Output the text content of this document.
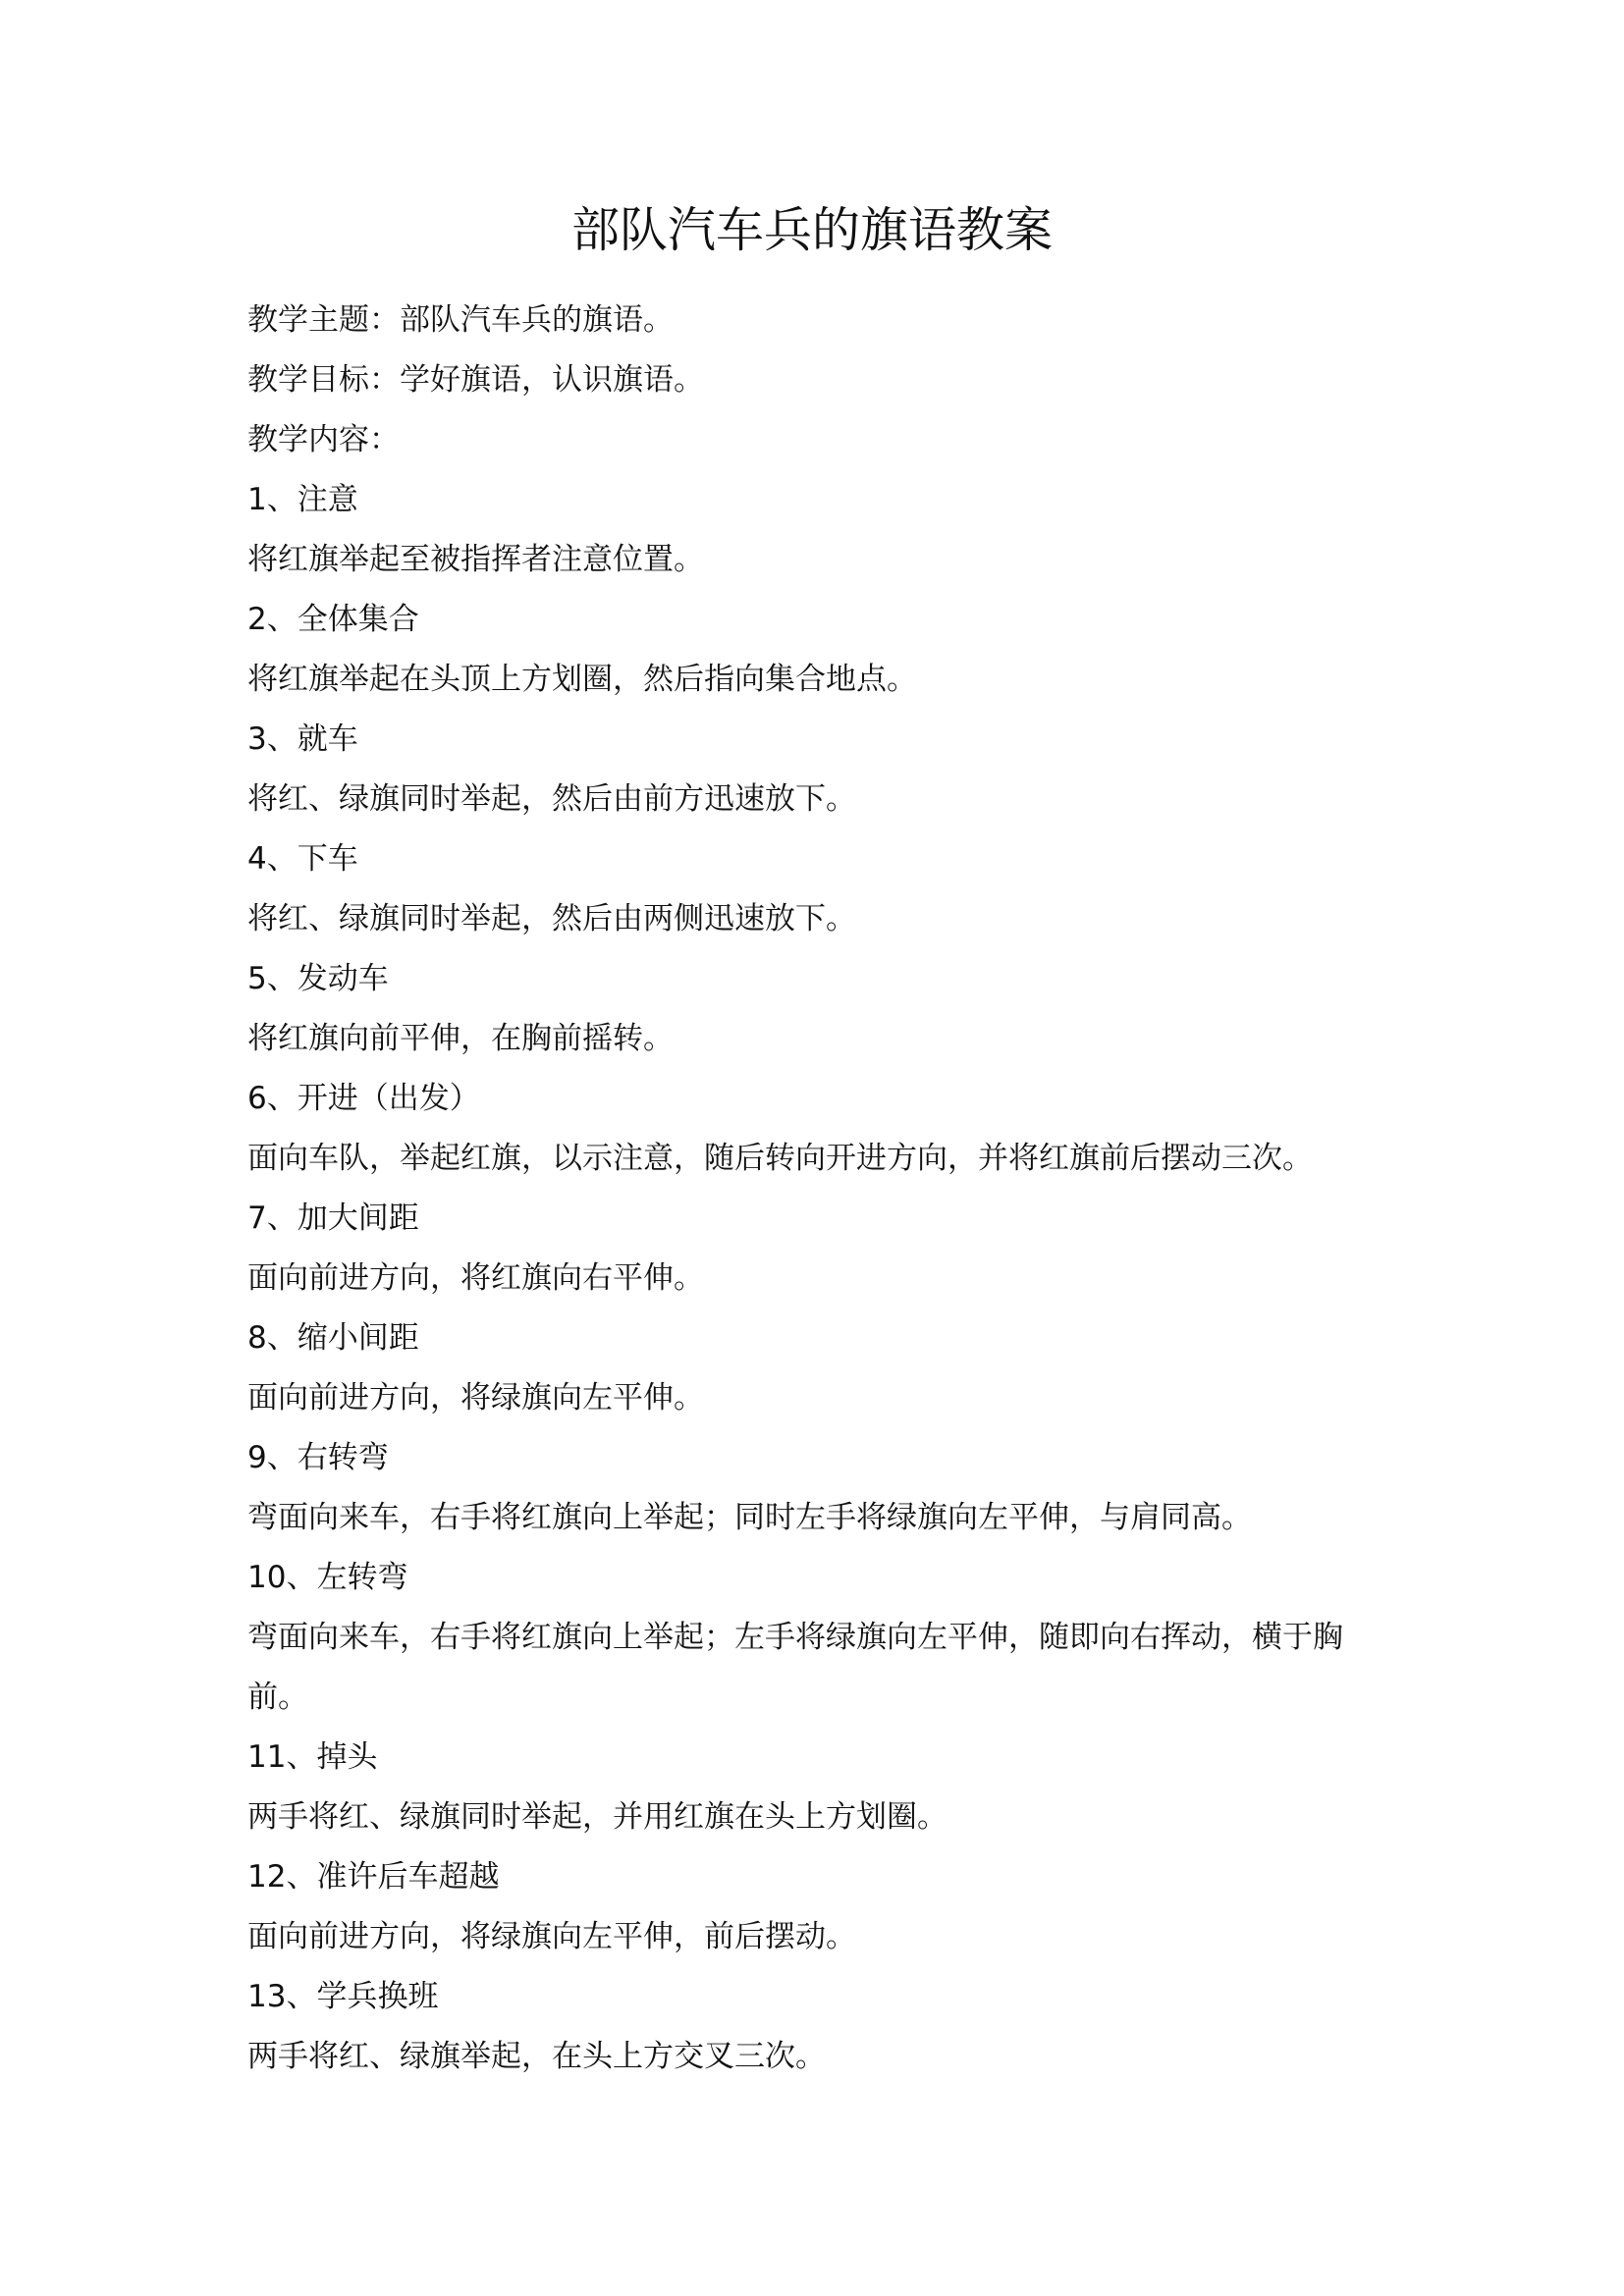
部队汽车兵的旗语教案

教学主题：部队汽车兵的旗语。

教学目标：学好旗语，认识旗语。

教学内容：

1、注意

将红旗举起至被指挥者注意位置。

2、全体集合

将红旗举起在头顶上方划圈，然后指向集合地点。

3、就车

将红、绿旗同时举起，然后由前方迅速放下。

4、下车

将红、绿旗同时举起，然后由两侧迅速放下。

5、发动车

将红旗向前平伸，在胸前摇转。

6、开进（出发）

面向车队，举起红旗，以示注意，随后转向开进方向，并将红旗前后摆动三次。

7、加大间距

面向前进方向，将红旗向右平伸。

8、缩小间距

面向前进方向，将绿旗向左平伸。

9、右转弯

弯面向来车，右手将红旗向上举起；同时左手将绿旗向左平伸，与肩同高。

10、左转弯

弯面向来车，右手将红旗向上举起；左手将绿旗向左平伸，随即向右挥动，横于胸前。

11、掉头

两手将红、绿旗同时举起，并用红旗在头上方划圈。

12、准许后车超越

面向前进方向，将绿旗向左平伸，前后摆动。

13、学兵换班

两手将红、绿旗举起，在头上方交叉三次。
